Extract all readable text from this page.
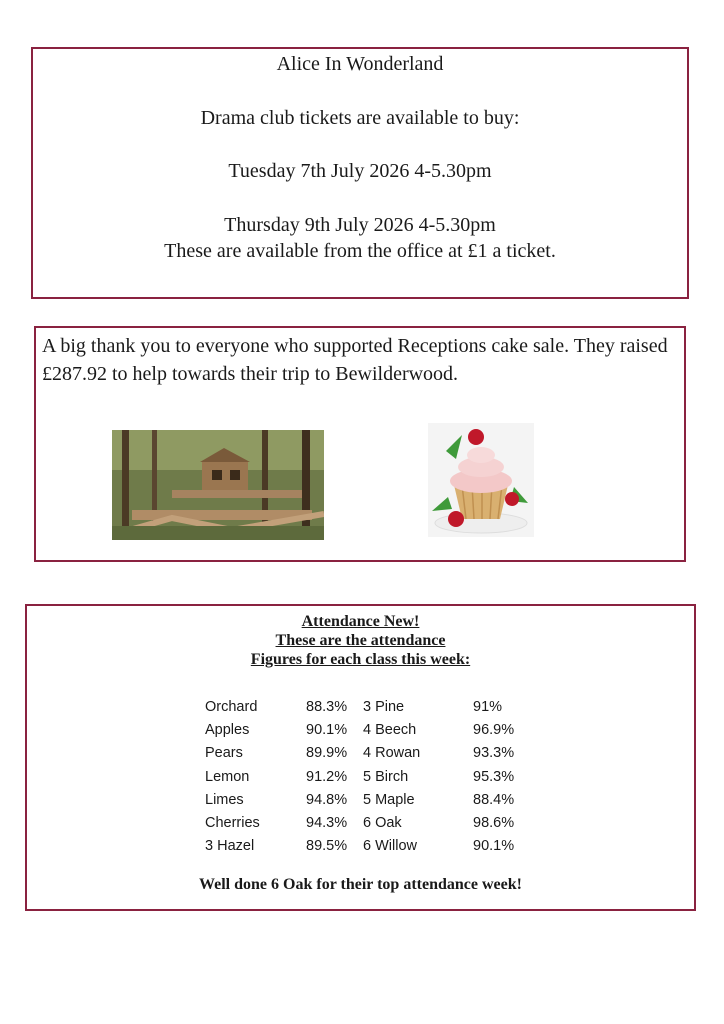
Alice In Wonderland
Drama club tickets are available to buy:
Tuesday 7th July 2026 4-5.30pm
Thursday 9th July 2026 4-5.30pm
These are available from the office at £1 a ticket.
A big thank you to everyone who supported Receptions cake sale. They raised £287.92 to help towards their trip to Bewilderwood.
Attendance New!
These are the attendance
Figures for each class this week:
Orchard	88.3%	3 Pine	91%
Apples	90.1%	4 Beech	96.9%
Pears	89.9%	4 Rowan	93.3%
Lemon	91.2%	5 Birch	95.3%
Limes	94.8%	5 Maple	88.4%
Cherries	94.3%	6 Oak	98.6%
3 Hazel	89.5%	6 Willow	90.1%
Well done 6 Oak for their top attendance week!
